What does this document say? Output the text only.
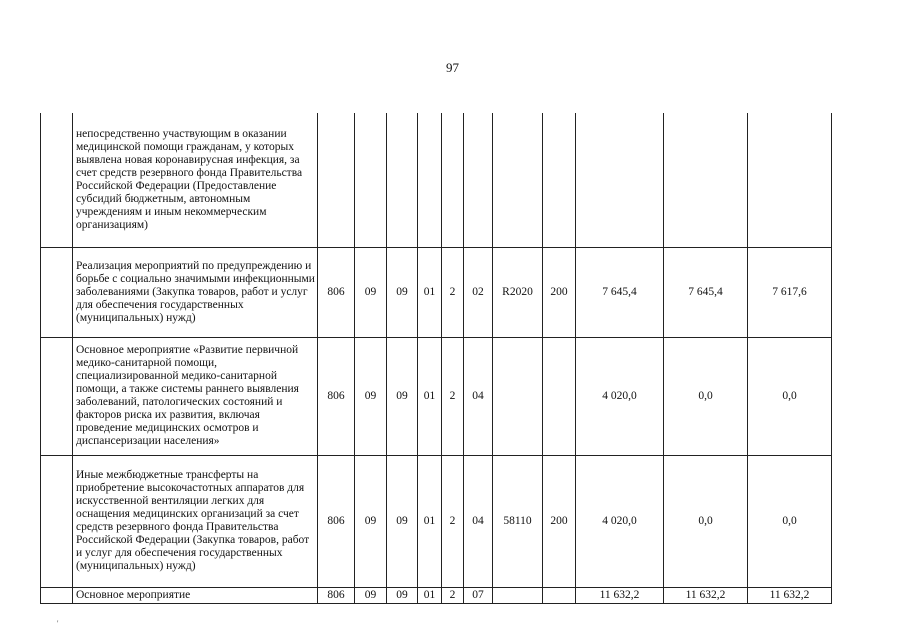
97
	непосредственно участвующим в оказании медицинской помощи гражданам, у которых выявлена новая коронавирусная инфекция, за счет средств резервного фонда Правительства Российской Федерации (Предоставление субсидий бюджетным, автономным учреждениям и иным некоммерческим организациям)											
	Реализация мероприятий по предупреждению и борьбе с социально значимыми инфекционными заболеваниями (Закупка товаров, работ и услуг для обеспечения государственных (муниципальных) нужд)	806	09	09	01	2	02	R2020	200	7 645,4	7 645,4	7 617,6
	Основное мероприятие «Развитие первичной медико-санитарной помощи, специализированной медико-санитарной помощи, а также системы раннего выявления заболеваний, патологических состояний и факторов риска их развития, включая проведение медицинских осмотров и диспансеризации населения»	806	09	09	01	2	04			4 020,0	0,0	0,0
	Иные межбюджетные трансферты на приобретение высокочастотных аппаратов для искусственной вентиляции легких для оснащения медицинских организаций за счет средств резервного фонда Правительства Российской Федерации (Закупка товаров, работ и услуг для обеспечения государственных (муниципальных) нужд)	806	09	09	01	2	04	58110	200	4 020,0	0,0	0,0
	Основное мероприятие	806	09	09	01	2	07			11 632,2	11 632,2	11 632,2
'
